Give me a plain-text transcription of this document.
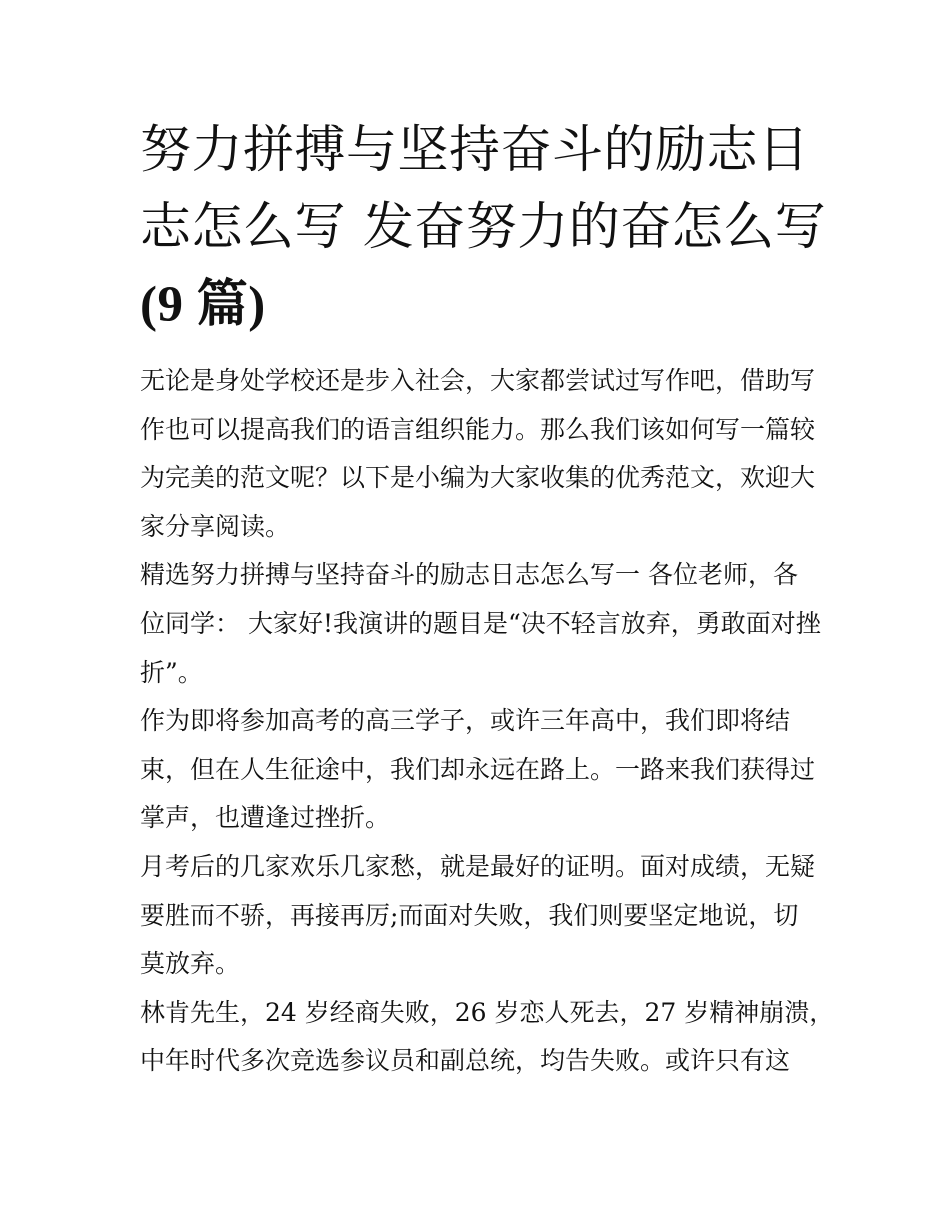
努力拼搏与坚持奋斗的励志日
志怎么写 发奋努力的奋怎么写
(9 篇)
无论是身处学校还是步入社会，大家都尝试过写作吧，借助写
作也可以提高我们的语言组织能力。那么我们该如何写一篇较
为完美的范文呢？以下是小编为大家收集的优秀范文，欢迎大
家分享阅读。
精选努力拼搏与坚持奋斗的励志日志怎么写一 各位老师，各
位同学： 大家好!我演讲的题目是“决不轻言放弃，勇敢面对挫
折”。
作为即将参加高考的高三学子，或许三年高中，我们即将结
束，但在人生征途中，我们却永远在路上。一路来我们获得过
掌声，也遭逢过挫折。
月考后的几家欢乐几家愁，就是最好的证明。面对成绩，无疑
要胜而不骄，再接再厉;而面对失败，我们则要坚定地说，切
莫放弃。
林肯先生，24 岁经商失败，26 岁恋人死去，27 岁精神崩溃，
中年时代多次竞选参议员和副总统，均告失败。或许只有这
